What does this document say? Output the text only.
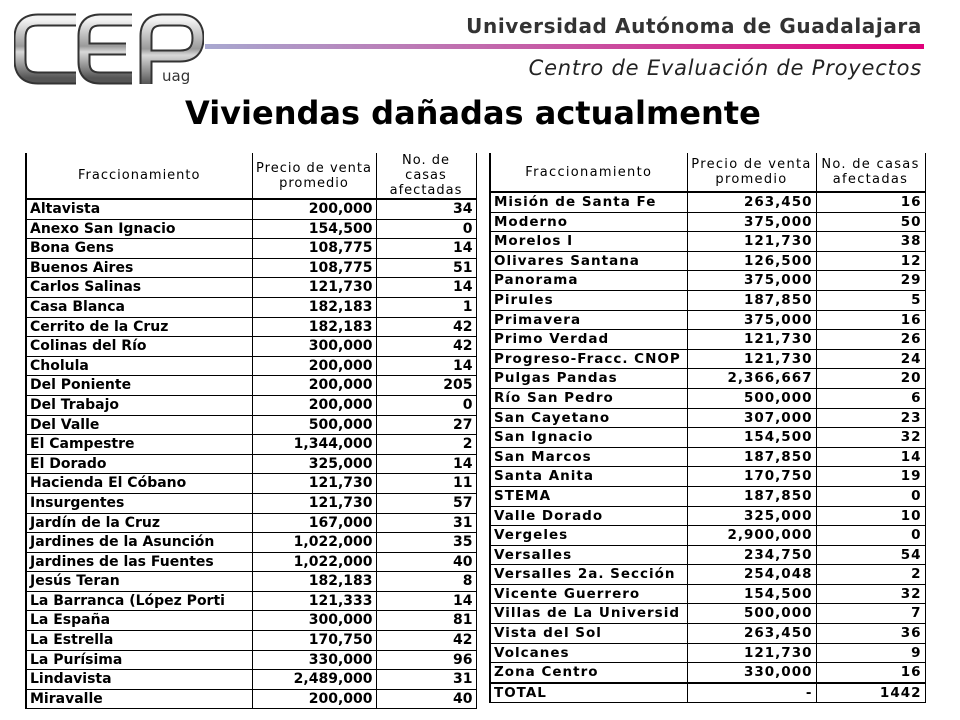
uag
Universidad Autónoma de Guadalajara
Centro de Evaluación de Proyectos
Viviendas dañadas actualmente
Fraccionamiento	Precio de venta promedio	No. de casas afectadas
Altavista	200,000	34
Anexo San Ignacio	154,500	0
Bona Gens	108,775	14
Buenos Aires	108,775	51
Carlos Salinas	121,730	14
Casa Blanca	182,183	1
Cerrito de la Cruz	182,183	42
Colinas del Río	300,000	42
Cholula	200,000	14
Del Poniente	200,000	205
Del Trabajo	200,000	0
Del Valle	500,000	27
El Campestre	1,344,000	2
El Dorado	325,000	14
Hacienda El Cóbano	121,730	11
Insurgentes	121,730	57
Jardín de la Cruz	167,000	31
Jardines de la Asunción	1,022,000	35
Jardines de las Fuentes	1,022,000	40
Jesús Teran	182,183	8
La Barranca (López Porti	121,333	14
La España	300,000	81
La Estrella	170,750	42
La Purísima	330,000	96
Lindavista	2,489,000	31
Miravalle	200,000	40
Fraccionamiento	Precio de venta promedio	No. de casas afectadas
Misión de Santa Fe	263,450	16
Moderno	375,000	50
Morelos I	121,730	38
Olivares Santana	126,500	12
Panorama	375,000	29
Pirules	187,850	5
Primavera	375,000	16
Primo Verdad	121,730	26
Progreso-Fracc. CNOP	121,730	24
Pulgas Pandas	2,366,667	20
Río San Pedro	500,000	6
San Cayetano	307,000	23
San Ignacio	154,500	32
San Marcos	187,850	14
Santa Anita	170,750	19
STEMA	187,850	0
Valle Dorado	325,000	10
Vergeles	2,900,000	0
Versalles	234,750	54
Versalles 2a. Sección	254,048	2
Vicente Guerrero	154,500	32
Villas de La Universid	500,000	7
Vista del Sol	263,450	36
Volcanes	121,730	9
Zona Centro	330,000	16
TOTAL	-	1442
